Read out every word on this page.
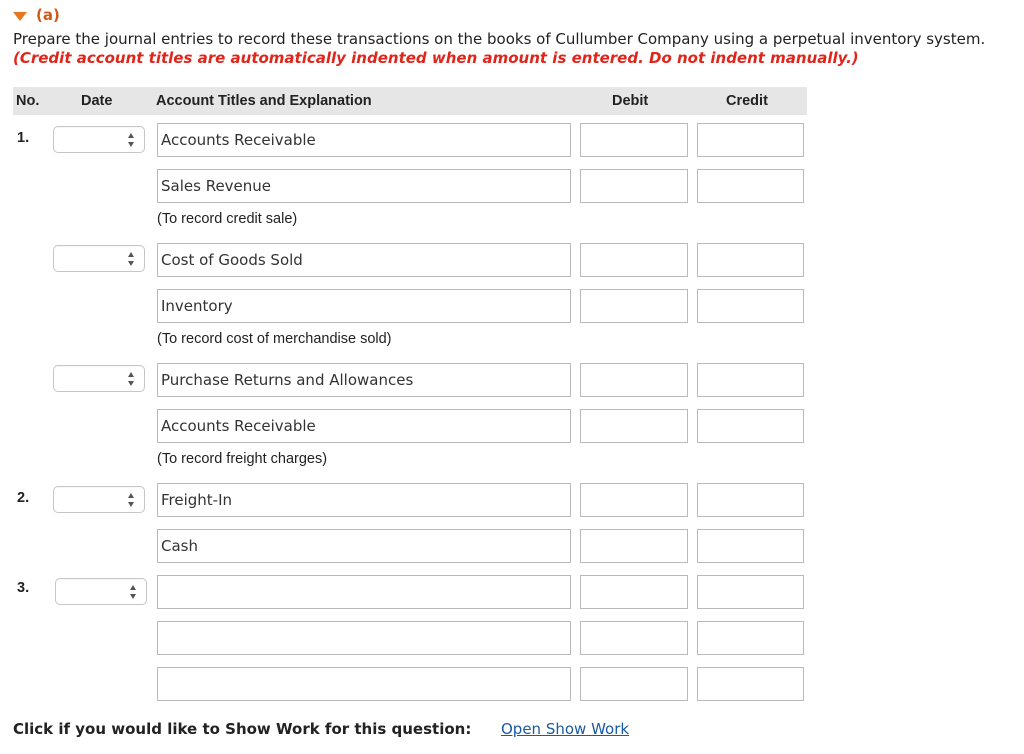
(a)
Prepare the journal entries to record these transactions on the books of Cullumber Company using a perpetual inventory system.
(Credit account titles are automatically indented when amount is entered. Do not indent manually.)
No.	Date	Account Titles and Explanation	Debit	Credit
1.	Accounts Receivable
Sales Revenue
(To record credit sale)
Cost of Goods Sold
Inventory
(To record cost of merchandise sold)
Purchase Returns and Allowances
Accounts Receivable
(To record freight charges)
2.	Freight-In
Cash
3.
Click if you would like to Show Work for this question: Open Show Work
